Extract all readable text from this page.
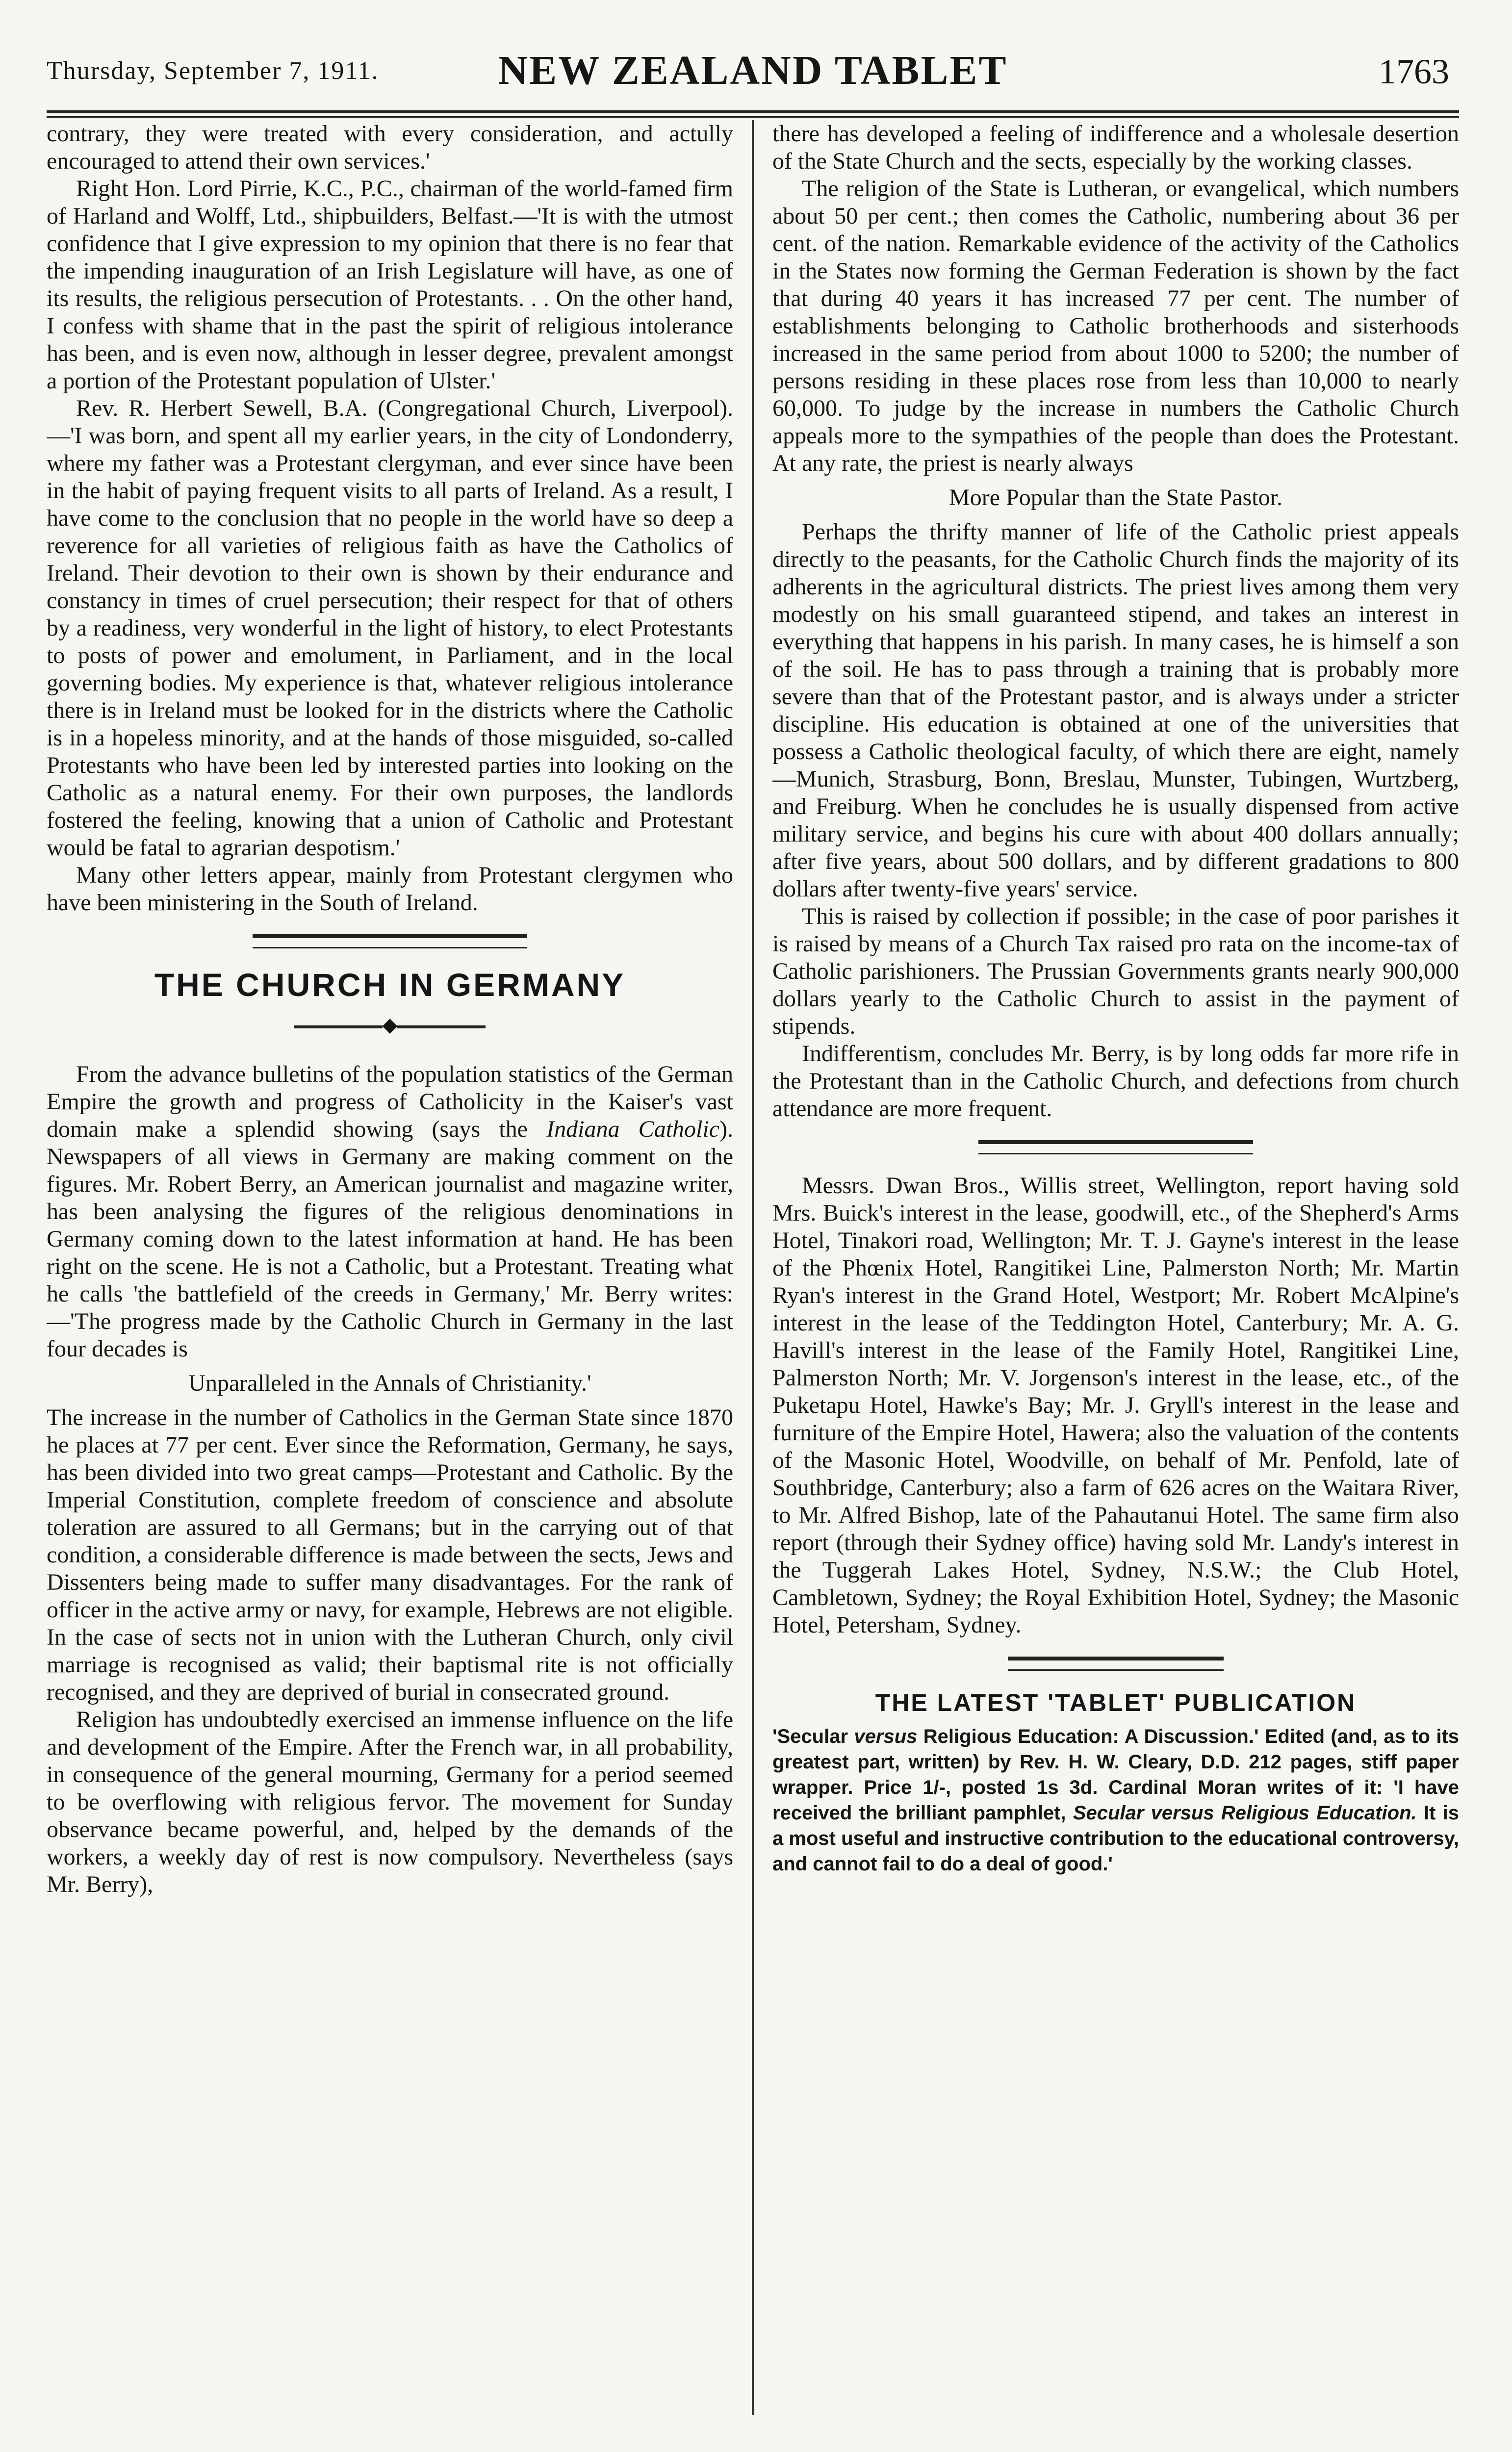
Thursday, September 7, 1911.	NEW ZEALAND TABLET	1763

contrary, they were treated with every consideration, and actully encouraged to attend their own services.'

Right Hon. Lord Pirrie, K.C., P.C., chairman of the world-famed firm of Harland and Wolff, Ltd., shipbuilders, Belfast.—'It is with the utmost confidence that I give expression to my opinion that there is no fear that the impending inauguration of an Irish Legislature will have, as one of its results, the religious persecution of Protestants. . . On the other hand, I confess with shame that in the past the spirit of religious intolerance has been, and is even now, although in lesser degree, prevalent amongst a portion of the Protestant population of Ulster.'

Rev. R. Herbert Sewell, B.A. (Congregational Church, Liverpool).—'I was born, and spent all my earlier years, in the city of Londonderry, where my father was a Protestant clergyman, and ever since have been in the habit of paying frequent visits to all parts of Ireland. As a result, I have come to the conclusion that no people in the world have so deep a reverence for all varieties of religious faith as have the Catholics of Ireland. Their devotion to their own is shown by their endurance and constancy in times of cruel persecution; their respect for that of others by a readiness, very wonderful in the light of history, to elect Protestants to posts of power and emolument, in Parliament, and in the local governing bodies. My experience is that, whatever religious intolerance there is in Ireland must be looked for in the districts where the Catholic is in a hopeless minority, and at the hands of those misguided, so-called Protestants who have been led by interested parties into looking on the Catholic as a natural enemy. For their own purposes, the landlords fostered the feeling, knowing that a union of Catholic and Protestant would be fatal to agrarian despotism.'

Many other letters appear, mainly from Protestant clergymen who have been ministering in the South of Ireland.

THE CHURCH IN GERMANY
◆

From the advance bulletins of the population statistics of the German Empire the growth and progress of Catholicity in the Kaiser's vast domain make a splendid showing (says the Indiana Catholic). Newspapers of all views in Germany are making comment on the figures. Mr. Robert Berry, an American journalist and magazine writer, has been analysing the figures of the religious denominations in Germany coming down to the latest information at hand. He has been right on the scene. He is not a Catholic, but a Protestant. Treating what he calls 'the battlefield of the creeds in Germany,' Mr. Berry writes:—'The progress made by the Catholic Church in Germany in the last four decades is

Unparalleled in the Annals of Christianity.'

The increase in the number of Catholics in the German State since 1870 he places at 77 per cent. Ever since the Reformation, Germany, he says, has been divided into two great camps—Protestant and Catholic. By the Imperial Constitution, complete freedom of conscience and absolute toleration are assured to all Germans; but in the carrying out of that condition, a considerable difference is made between the sects, Jews and Dissenters being made to suffer many disadvantages. For the rank of officer in the active army or navy, for example, Hebrews are not eligible. In the case of sects not in union with the Lutheran Church, only civil marriage is recognised as valid; their baptismal rite is not officially recognised, and they are deprived of burial in consecrated ground.

Religion has undoubtedly exercised an immense influence on the life and development of the Empire. After the French war, in all probability, in consequence of the general mourning, Germany for a period seemed to be overflowing with religious fervor. The movement for Sunday observance became powerful, and, helped by the demands of the workers, a weekly day of rest is now compulsory. Nevertheless (says Mr. Berry),

there has developed a feeling of indifference and a wholesale desertion of the State Church and the sects, especially by the working classes.

The religion of the State is Lutheran, or evangelical, which numbers about 50 per cent.; then comes the Catholic, numbering about 36 per cent. of the nation. Remarkable evidence of the activity of the Catholics in the States now forming the German Federation is shown by the fact that during 40 years it has increased 77 per cent. The number of establishments belonging to Catholic brotherhoods and sisterhoods increased in the same period from about 1000 to 5200; the number of persons residing in these places rose from less than 10,000 to nearly 60,000. To judge by the increase in numbers the Catholic Church appeals more to the sympathies of the people than does the Protestant. At any rate, the priest is nearly always

More Popular than the State Pastor.

Perhaps the thrifty manner of life of the Catholic priest appeals directly to the peasants, for the Catholic Church finds the majority of its adherents in the agricultural districts. The priest lives among them very modestly on his small guaranteed stipend, and takes an interest in everything that happens in his parish. In many cases, he is himself a son of the soil. He has to pass through a training that is probably more severe than that of the Protestant pastor, and is always under a stricter discipline. His education is obtained at one of the universities that possess a Catholic theological faculty, of which there are eight, namely—Munich, Strasburg, Bonn, Breslau, Munster, Tubingen, Wurtzberg, and Freiburg. When he concludes he is usually dispensed from active military service, and begins his cure with about 400 dollars annually; after five years, about 500 dollars, and by different gradations to 800 dollars after twenty-five years' service.

This is raised by collection if possible; in the case of poor parishes it is raised by means of a Church Tax raised pro rata on the income-tax of Catholic parishioners. The Prussian Governments grants nearly 900,000 dollars yearly to the Catholic Church to assist in the payment of stipends.

Indifferentism, concludes Mr. Berry, is by long odds far more rife in the Protestant than in the Catholic Church, and defections from church attendance are more frequent.

Messrs. Dwan Bros., Willis street, Wellington, report having sold Mrs. Buick's interest in the lease, goodwill, etc., of the Shepherd's Arms Hotel, Tinakori road, Wellington; Mr. T. J. Gayne's interest in the lease of the Phœnix Hotel, Rangitikei Line, Palmerston North; Mr. Martin Ryan's interest in the Grand Hotel, Westport; Mr. Robert McAlpine's interest in the lease of the Teddington Hotel, Canterbury; Mr. A. G. Havill's interest in the lease of the Family Hotel, Rangitikei Line, Palmerston North; Mr. V. Jorgenson's interest in the lease, etc., of the Puketapu Hotel, Hawke's Bay; Mr. J. Gryll's interest in the lease and furniture of the Empire Hotel, Hawera; also the valuation of the contents of the Masonic Hotel, Woodville, on behalf of Mr. Penfold, late of Southbridge, Canterbury; also a farm of 626 acres on the Waitara River, to Mr. Alfred Bishop, late of the Pahautanui Hotel. The same firm also report (through their Sydney office) having sold Mr. Landy's interest in the Tuggerah Lakes Hotel, Sydney, N.S.W.; the Club Hotel, Cambletown, Sydney; the Royal Exhibition Hotel, Sydney; the Masonic Hotel, Petersham, Sydney.

THE LATEST 'TABLET' PUBLICATION

'Secular versus Religious Education: A Discussion.' Edited (and, as to its greatest part, written) by Rev. H. W. Cleary, D.D. 212 pages, stiff paper wrapper. Price 1/-, posted 1s 3d. Cardinal Moran writes of it: 'I have received the brilliant pamphlet, Secular versus Religious Education. It is a most useful and instructive contribution to the educational controversy, and cannot fail to do a deal of good.'
